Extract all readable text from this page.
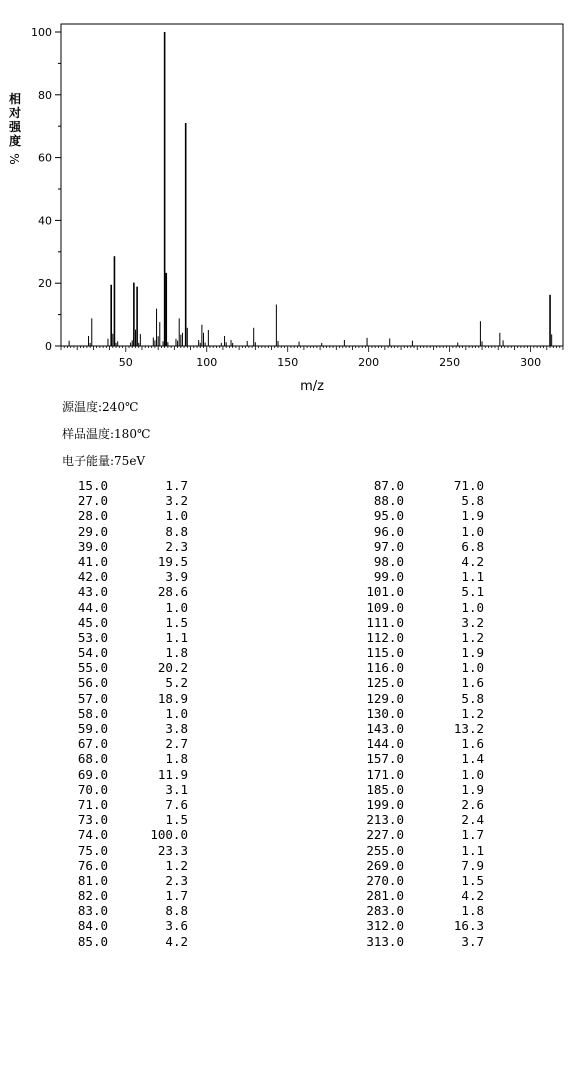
0
20
40
60
80
100
50	100	150	200	250	300
相
对
强
度
%
m/z
源温度:240℃
样品温度:180℃
电子能量:75eV
15.0	1.7
27.0	3.2
28.0	1.0
29.0	8.8
39.0	2.3
41.0	19.5
42.0	3.9
43.0	28.6
44.0	1.0
45.0	1.5
53.0	1.1
54.0	1.8
55.0	20.2
56.0	5.2
57.0	18.9
58.0	1.0
59.0	3.8
67.0	2.7
68.0	1.8
69.0	11.9
70.0	3.1
71.0	7.6
73.0	1.5
74.0	100.0
75.0	23.3
76.0	1.2
81.0	2.3
82.0	1.7
83.0	8.8
84.0	3.6
85.0	4.2
87.0	71.0
88.0	5.8
95.0	1.9
96.0	1.0
97.0	6.8
98.0	4.2
99.0	1.1
101.0	5.1
109.0	1.0
111.0	3.2
112.0	1.2
115.0	1.9
116.0	1.0
125.0	1.6
129.0	5.8
130.0	1.2
143.0	13.2
144.0	1.6
157.0	1.4
171.0	1.0
185.0	1.9
199.0	2.6
213.0	2.4
227.0	1.7
255.0	1.1
269.0	7.9
270.0	1.5
281.0	4.2
283.0	1.8
312.0	16.3
313.0	3.7
